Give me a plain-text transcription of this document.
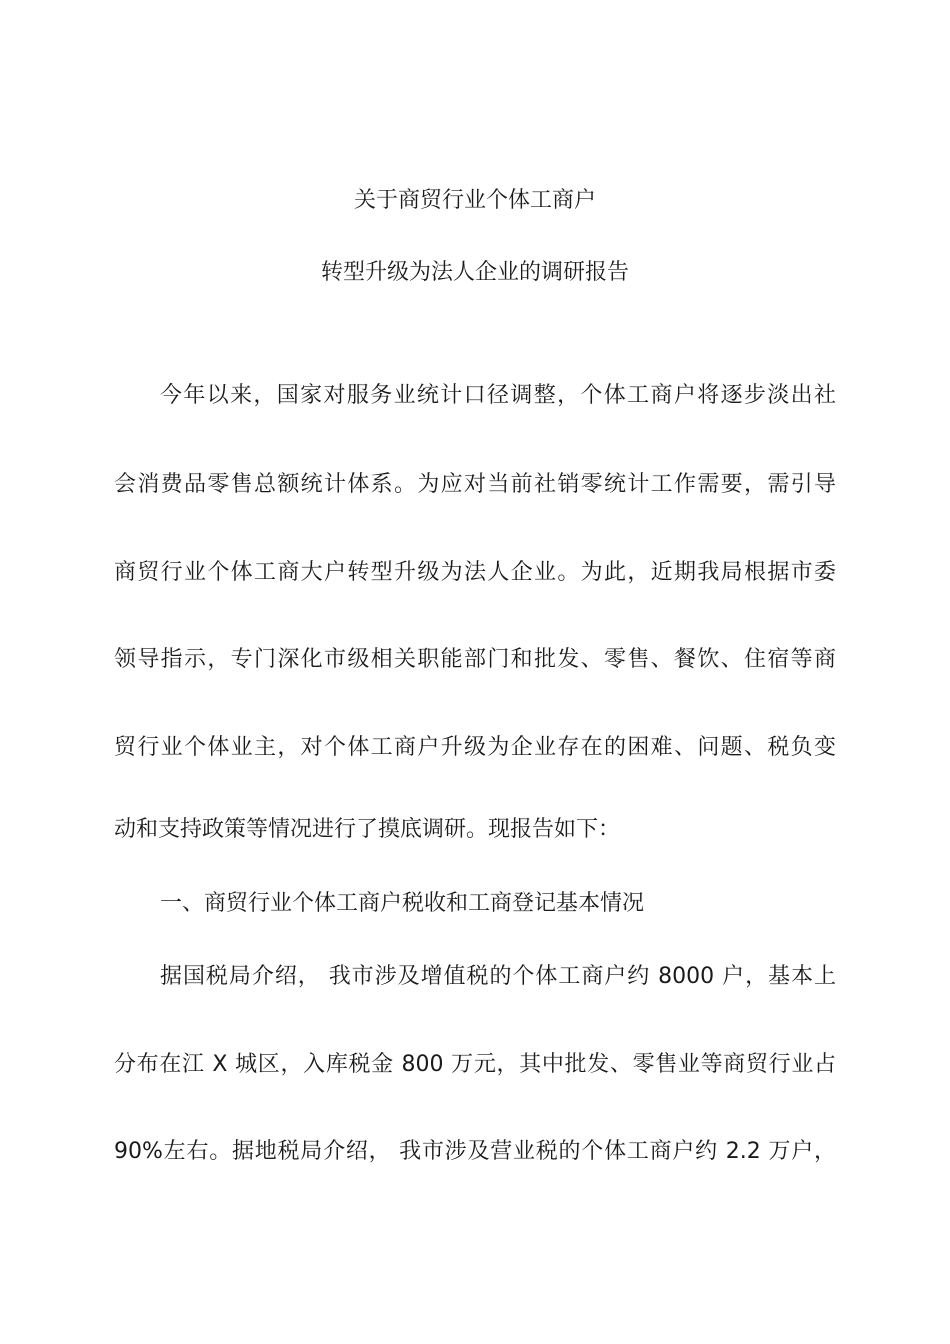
关于商贸行业个体工商户
转型升级为法人企业的调研报告
今年以来，国家对服务业统计口径调整，个体工商户将逐步淡出社
会消费品零售总额统计体系。为应对当前社销零统计工作需要，需引导
商贸行业个体工商大户转型升级为法人企业。为此，近期我局根据市委
领导指示，专门深化市级相关职能部门和批发、零售、餐饮、住宿等商
贸行业个体业主，对个体工商户升级为企业存在的困难、问题、税负变
动和支持政策等情况进行了摸底调研。现报告如下：
一、商贸行业个体工商户税收和工商登记基本情况
据国税局介绍， 我市涉及增值税的个体工商户约 8000 户，基本上
分布在江 X 城区，入库税金 800 万元，其中批发、零售业等商贸行业占
90%左右。据地税局介绍， 我市涉及营业税的个体工商户约 2.2 万户，
